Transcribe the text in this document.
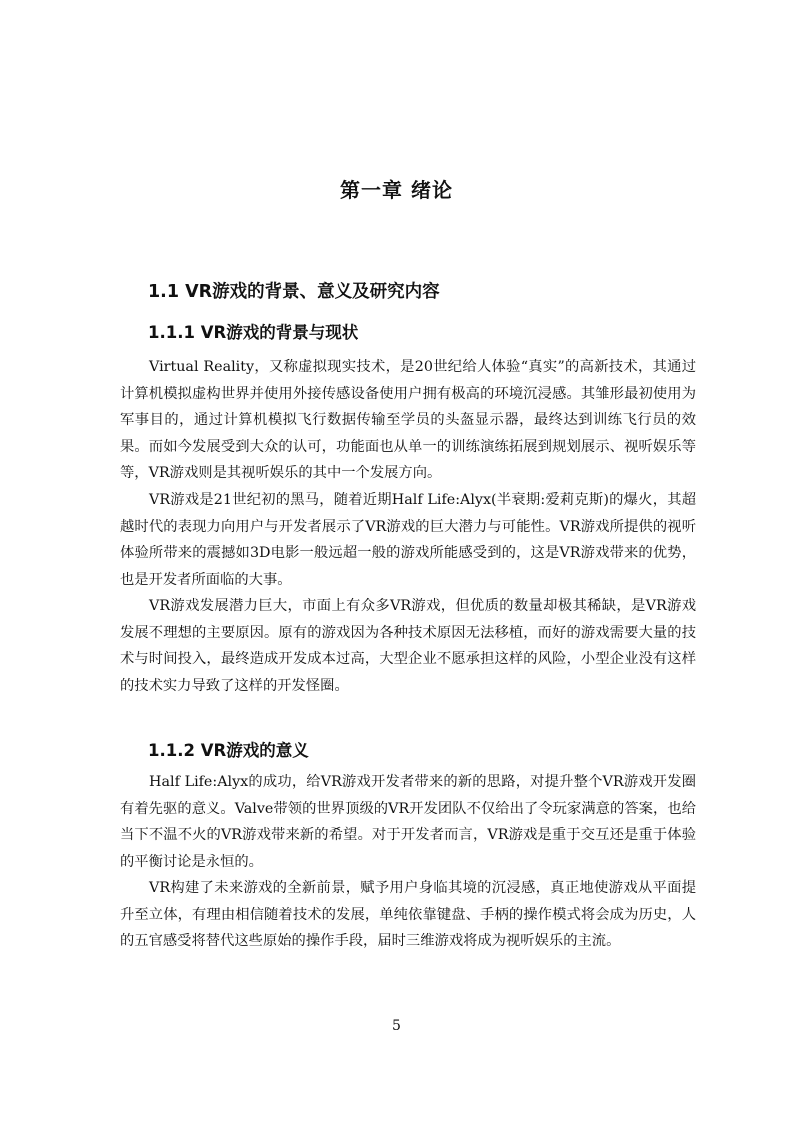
第一章 绪论
1.1 VR游戏的背景、意义及研究内容
1.1.1 VR游戏的背景与现状

Virtual Reality，又称虚拟现实技术，是20世纪给人体验“真实”的高新技术，其通过计算机模拟虚构世界并使用外接传感设备使用户拥有极高的环境沉浸感。其雏形最初使用为军事目的，通过计算机模拟飞行数据传输至学员的头盔显示器，最终达到训练飞行员的效果。而如今发展受到大众的认可，功能面也从单一的训练演练拓展到规划展示、视听娱乐等等，VR游戏则是其视听娱乐的其中一个发展方向。

VR游戏是21世纪初的黑马，随着近期Half Life:Alyx(半衰期:爱莉克斯)的爆火，其超越时代的表现力向用户与开发者展示了VR游戏的巨大潜力与可能性。VR游戏所提供的视听体验所带来的震撼如3D电影一般远超一般的游戏所能感受到的，这是VR游戏带来的优势，也是开发者所面临的大事。

VR游戏发展潜力巨大，市面上有众多VR游戏，但优质的数量却极其稀缺，是VR游戏发展不理想的主要原因。原有的游戏因为各种技术原因无法移植，而好的游戏需要大量的技术与时间投入，最终造成开发成本过高，大型企业不愿承担这样的风险，小型企业没有这样的技术实力导致了这样的开发怪圈。

1.1.2 VR游戏的意义

Half Life:Alyx的成功，给VR游戏开发者带来的新的思路，对提升整个VR游戏开发圈有着先驱的意义。Valve带领的世界顶级的VR开发团队不仅给出了令玩家满意的答案，也给当下不温不火的VR游戏带来新的希望。对于开发者而言，VR游戏是重于交互还是重于体验的平衡讨论是永恒的。

VR构建了未来游戏的全新前景，赋予用户身临其境的沉浸感，真正地使游戏从平面提升至立体，有理由相信随着技术的发展，单纯依靠键盘、手柄的操作模式将会成为历史，人的五官感受将替代这些原始的操作手段，届时三维游戏将成为视听娱乐的主流。

5
